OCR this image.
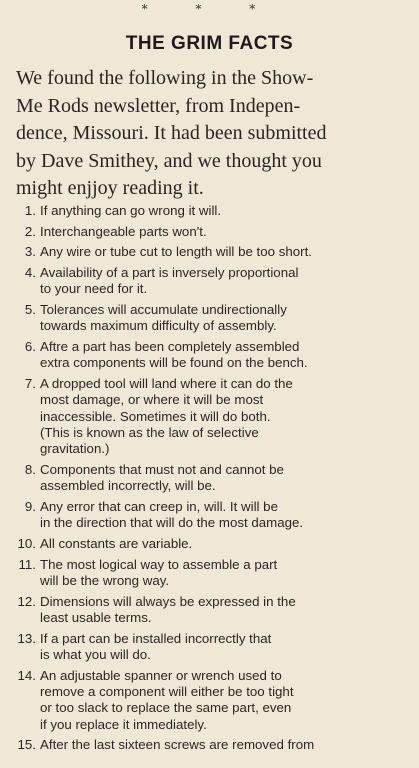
* * *
THE GRIM FACTS
We found the following in the Show-
Me Rods newsletter, from Indepen-
dence, Missouri. It had been submitted
by Dave Smithey, and we thought you
might enjjoy reading it.
1. If anything can go wrong it will.
2. Interchangeable parts won't.
3. Any wire or tube cut to length will be too short.
4. Availability of a part is inversely proportional
to your need for it.
5. Tolerances will accumulate undirectionally
towards maximum difficulty of assembly.
6. Aftre a part has been completely assembled
extra components will be found on the bench.
7. A dropped tool will land where it can do the
most damage, or where it will be most
inaccessible. Sometimes it will do both.
(This is known as the law of selective
gravitation.)
8. Components that must not and cannot be
assembled incorrectly, will be.
9. Any error that can creep in, will. It will be
in the direction that will do the most damage.
10. All constants are variable.
11. The most logical way to assemble a part
will be the wrong way.
12. Dimensions will always be expressed in the
least usable terms.
13. If a part can be installed incorrectly that
is what you will do.
14. An adjustable spanner or wrench used to
remove a component will either be too tight
or too slack to replace the same part, even
if you replace it immediately.
15. After the last sixteen screws are removed from
